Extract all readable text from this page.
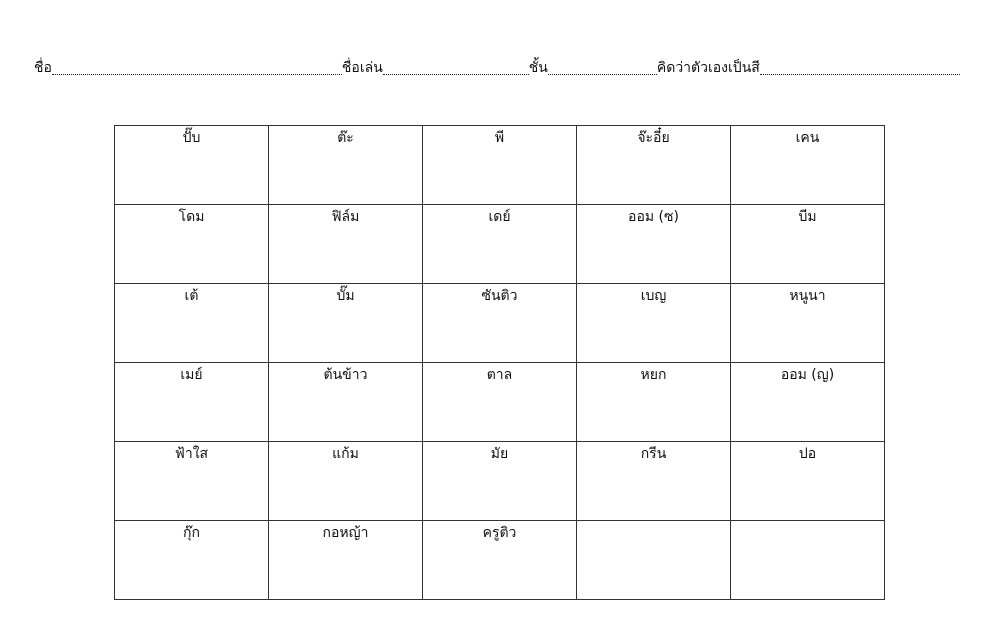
ชื่อ	ชื่อเล่น	ชั้น	คิดว่าตัวเองเป็นสี
ปั๊บ	ต๊ะ	พี	จ๊ะอี๋ย	เคน

โดม	ฟิล์ม	เดย์	ออม (ซ)	บีม

เต้	บั๊ม	ซันติว	เบญ	หนูนา

เมย์	ต้นข้าว	ตาล	หยก	ออม (ญ)

ฟ้าใส	แก้ม	มัย	กรีน	ปอ

กุ๊ก	กอหญ้า	ครูติว		
